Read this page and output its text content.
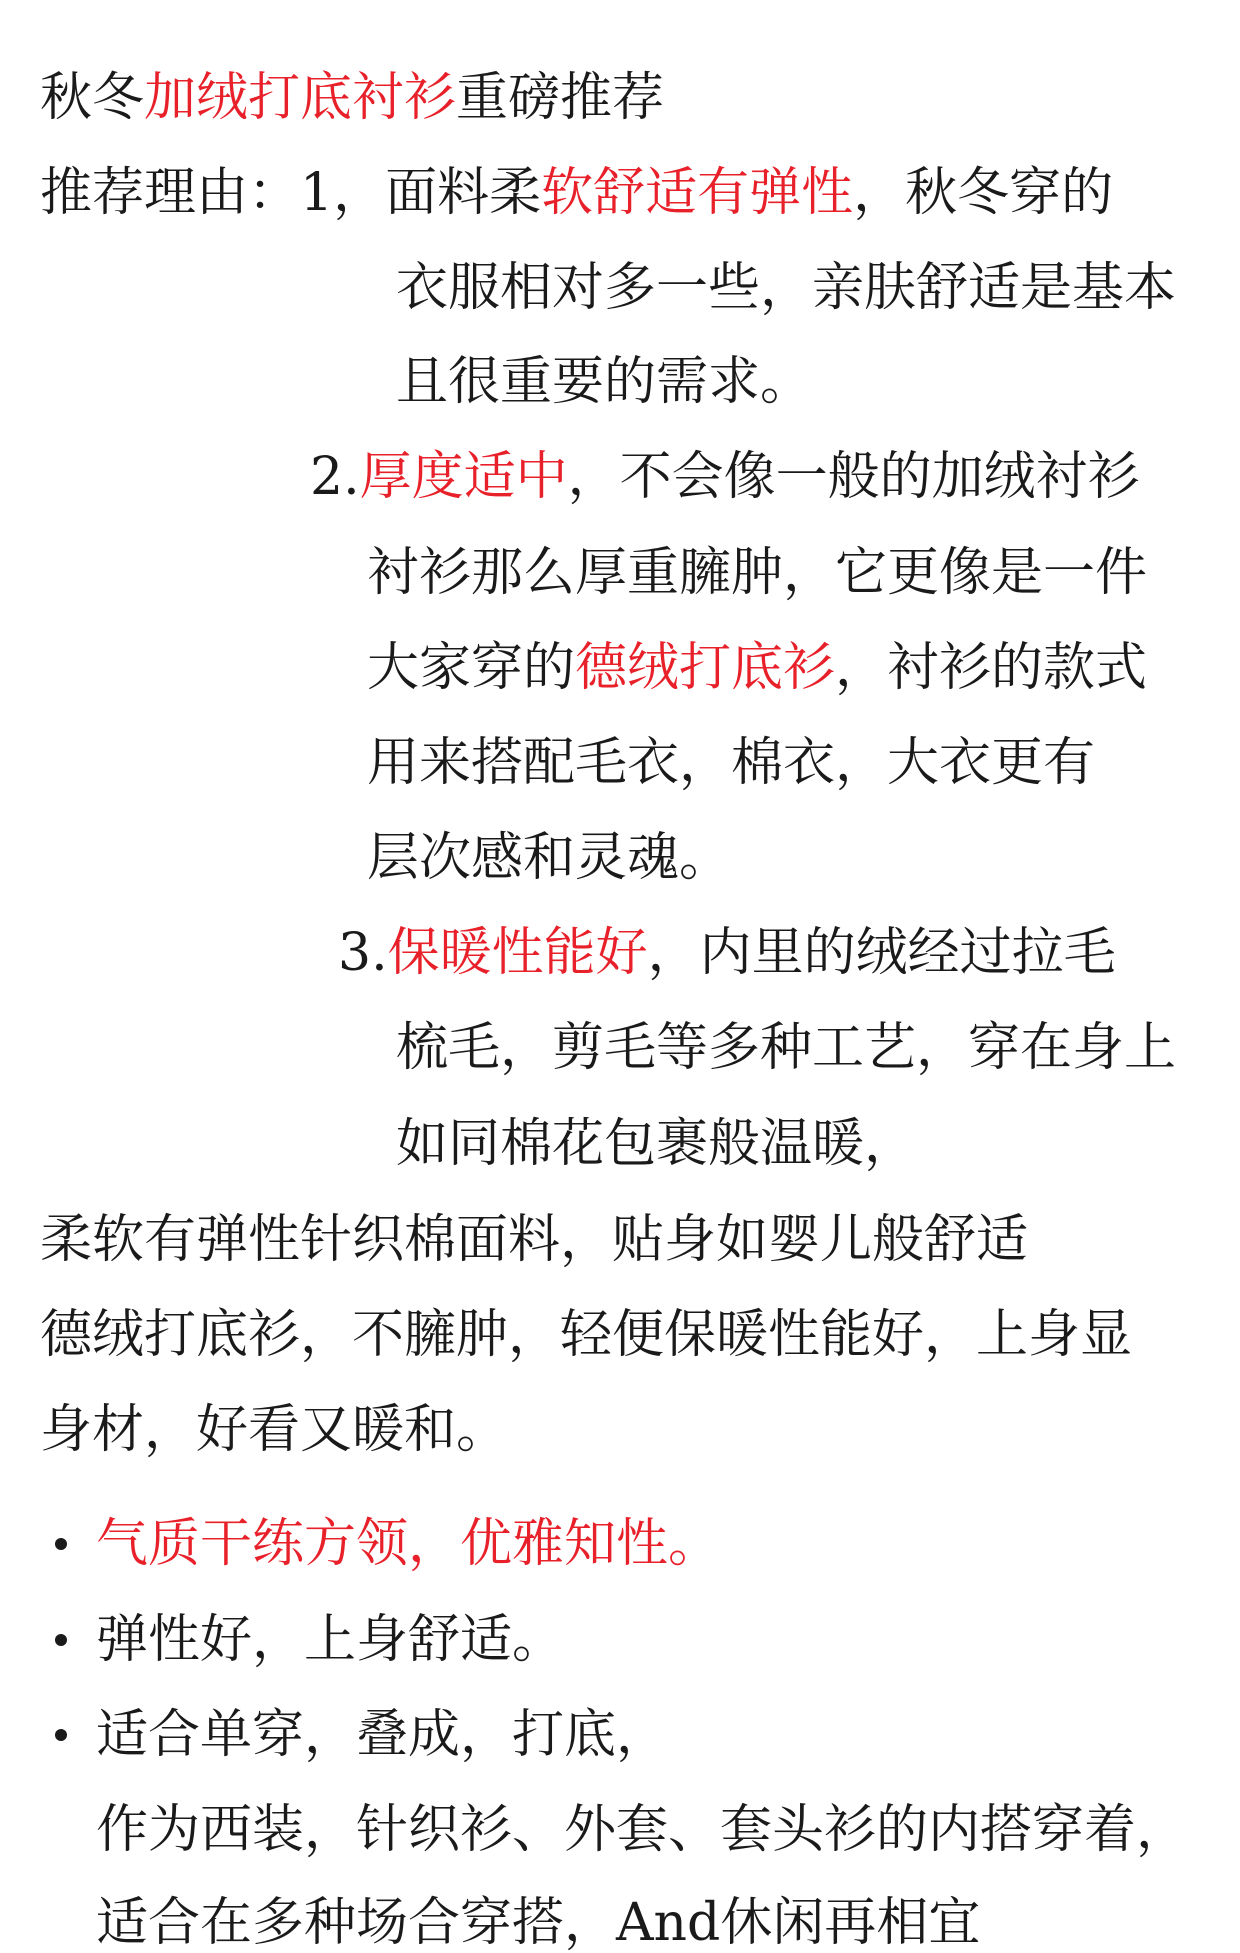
秋冬加绒打底衬衫重磅推荐
推荐理由：1，面料柔软舒适有弹性，秋冬穿的
衣服相对多一些，亲肤舒适是基本
且很重要的需求。
2.厚度适中，不会像一般的加绒衬衫
衬衫那么厚重臃肿，它更像是一件
大家穿的德绒打底衫，衬衫的款式
用来搭配毛衣，棉衣，大衣更有
层次感和灵魂。
3.保暖性能好，内里的绒经过拉毛
梳毛，剪毛等多种工艺，穿在身上
如同棉花包裹般温暖，
柔软有弹性针织棉面料，贴身如婴儿般舒适
德绒打底衫，不臃肿，轻便保暖性能好，上身显
身材，好看又暖和。
气质干练方领，优雅知性。
弹性好，上身舒适。
适合单穿，叠成，打底，
作为西装，针织衫、外套、套头衫的内搭穿着，
适合在多种场合穿搭，And休闲再相宜
